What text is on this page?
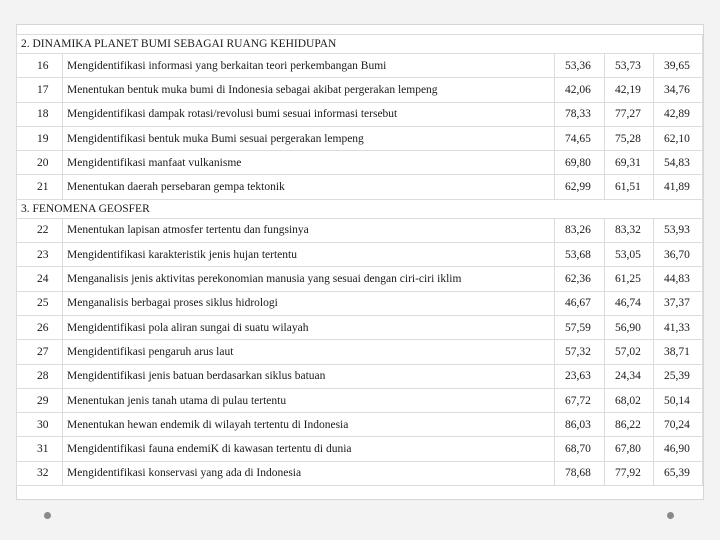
2. DINAMIKA PLANET BUMI SEBAGAI RUANG KEHIDUPAN				
16	Mengidentifikasi informasi yang berkaitan teori perkembangan Bumi	53,36	53,73	39,65
17	Menentukan bentuk muka bumi di Indonesia sebagai akibat pergerakan lempeng	42,06	42,19	34,76
18	Mengidentifikasi dampak rotasi/revolusi bumi sesuai informasi tersebut	78,33	77,27	42,89
19	Mengidentifikasi bentuk muka Bumi sesuai pergerakan lempeng	74,65	75,28	62,10
20	Mengidentifikasi manfaat vulkanisme	69,80	69,31	54,83
21	Menentukan daerah persebaran gempa tektonik	62,99	61,51	41,89
3. FENOMENA GEOSFER				
22	Menentukan lapisan atmosfer tertentu dan fungsinya	83,26	83,32	53,93
23	Mengidentifikasi karakteristik jenis hujan tertentu	53,68	53,05	36,70
24	Menganalisis jenis aktivitas perekonomian manusia yang sesuai dengan ciri-ciri iklim	62,36	61,25	44,83
25	Menganalisis berbagai proses siklus hidrologi	46,67	46,74	37,37
26	Mengidentifikasi pola aliran sungai di suatu wilayah	57,59	56,90	41,33
27	Mengidentifikasi pengaruh arus laut	57,32	57,02	38,71
28	Mengidentifikasi jenis batuan berdasarkan siklus batuan	23,63	24,34	25,39
29	Menentukan jenis tanah utama di pulau tertentu	67,72	68,02	50,14
30	Menentukan hewan endemik di wilayah tertentu di Indonesia	86,03	86,22	70,24
31	Mengidentifikasi fauna endemiK di kawasan tertentu di dunia	68,70	67,80	46,90
32	Mengidentifikasi konservasi yang ada di Indonesia	78,68	77,92	65,39
